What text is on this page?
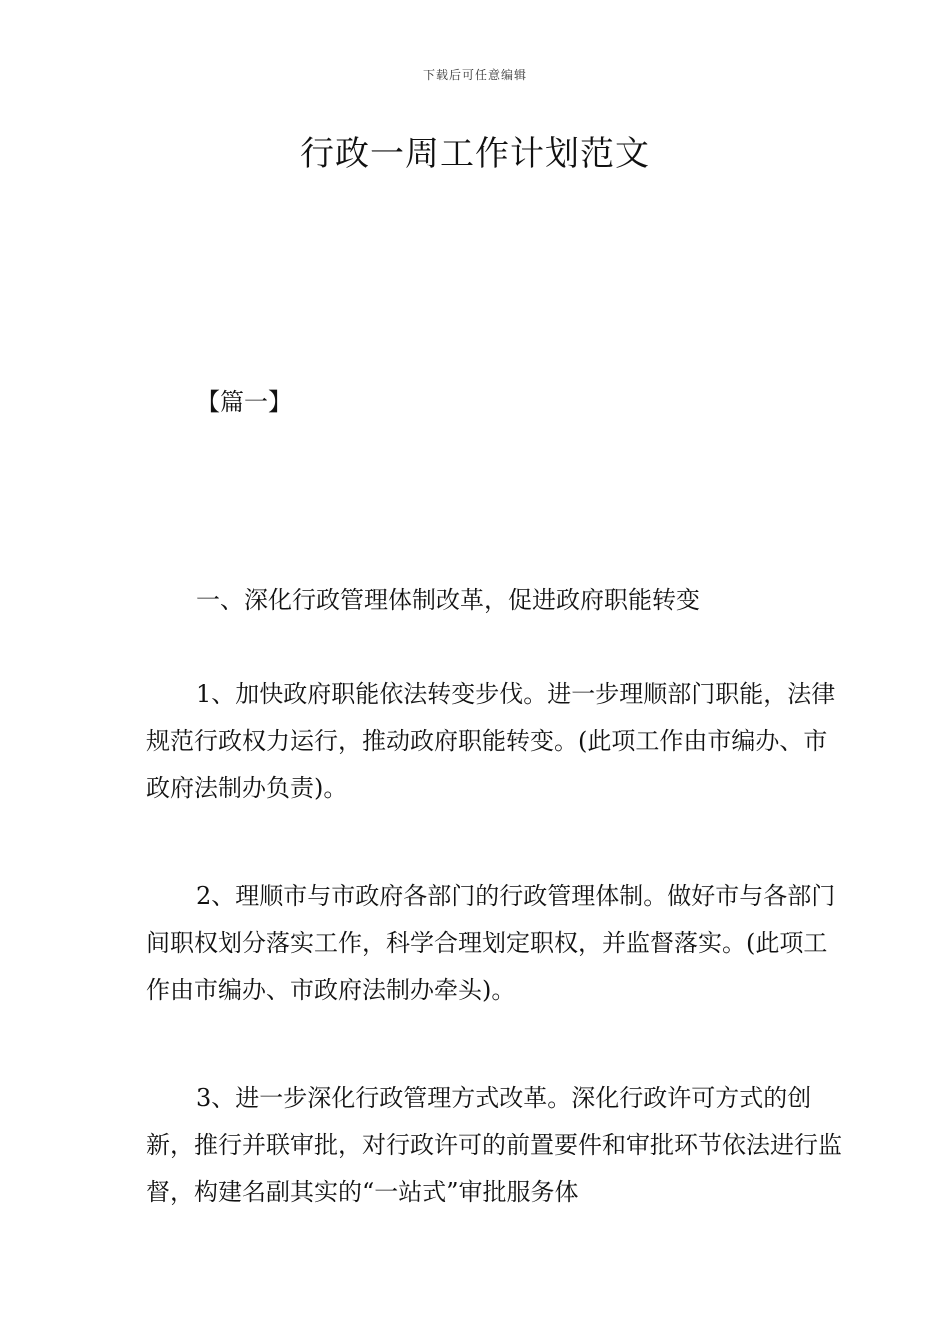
下载后可任意编辑
行政一周工作计划范文
【篇一】
一、深化行政管理体制改革，促进政府职能转变
1、加快政府职能依法转变步伐。进一步理顺部门职能，法律规范行政权力运行，推动政府职能转变。(此项工作由市编办、市政府法制办负责)。
2、理顺市与市政府各部门的行政管理体制。做好市与各部门间职权划分落实工作，科学合理划定职权，并监督落实。(此项工作由市编办、市政府法制办牵头)。
3、进一步深化行政管理方式改革。深化行政许可方式的创新，推行并联审批，对行政许可的前置要件和审批环节依法进行监督，构建名副其实的“一站式”审批服务体
